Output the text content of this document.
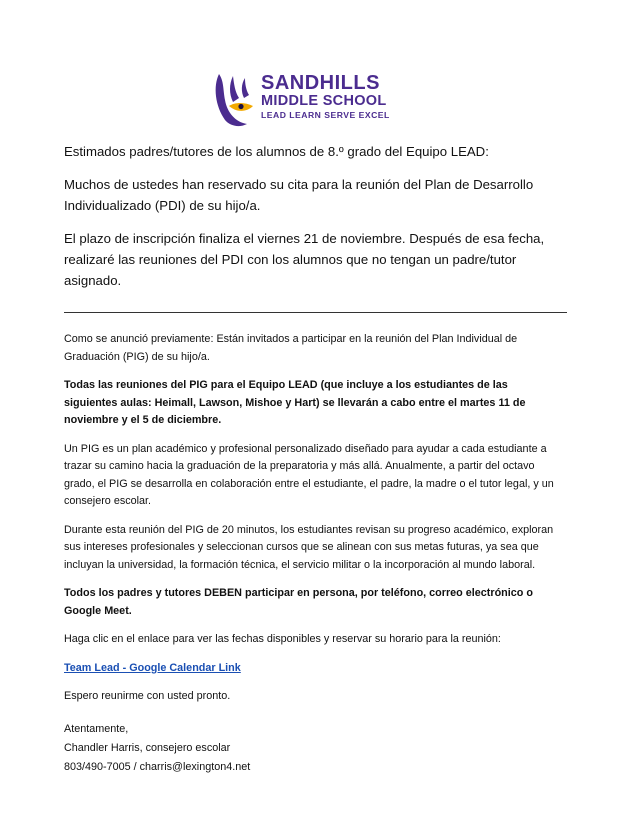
SANDHILLS
MIDDLE SCHOOL
LEAD LEARN SERVE EXCEL

Estimados padres/tutores de los alumnos de 8.º grado del Equipo LEAD:

Muchos de ustedes han reservado su cita para la reunión del Plan de Desarrollo Individualizado (PDI) de su hijo/a.

El plazo de inscripción finaliza el viernes 21 de noviembre. Después de esa fecha, realizaré las reuniones del PDI con los alumnos que no tengan un padre/tutor asignado.

Como se anunció previamente: Están invitados a participar en la reunión del Plan Individual de Graduación (PIG) de su hijo/a.

Todas las reuniones del PIG para el Equipo LEAD (que incluye a los estudiantes de las siguientes aulas: Heimall, Lawson, Mishoe y Hart) se llevarán a cabo entre el martes 11 de noviembre y el 5 de diciembre.

Un PIG es un plan académico y profesional personalizado diseñado para ayudar a cada estudiante a trazar su camino hacia la graduación de la preparatoria y más allá. Anualmente, a partir del octavo grado, el PIG se desarrolla en colaboración entre el estudiante, el padre, la madre o el tutor legal, y un consejero escolar.

Durante esta reunión del PIG de 20 minutos, los estudiantes revisan su progreso académico, exploran sus intereses profesionales y seleccionan cursos que se alinean con sus metas futuras, ya sea que incluyan la universidad, la formación técnica, el servicio militar o la incorporación al mundo laboral.

Todos los padres y tutores DEBEN participar en persona, por teléfono, correo electrónico o Google Meet.

Haga clic en el enlace para ver las fechas disponibles y reservar su horario para la reunión:

Team Lead - Google Calendar Link

Espero reunirme con usted pronto.

Atentamente,

Chandler Harris, consejero escolar

803/490-7005 / charris@lexington4.net
